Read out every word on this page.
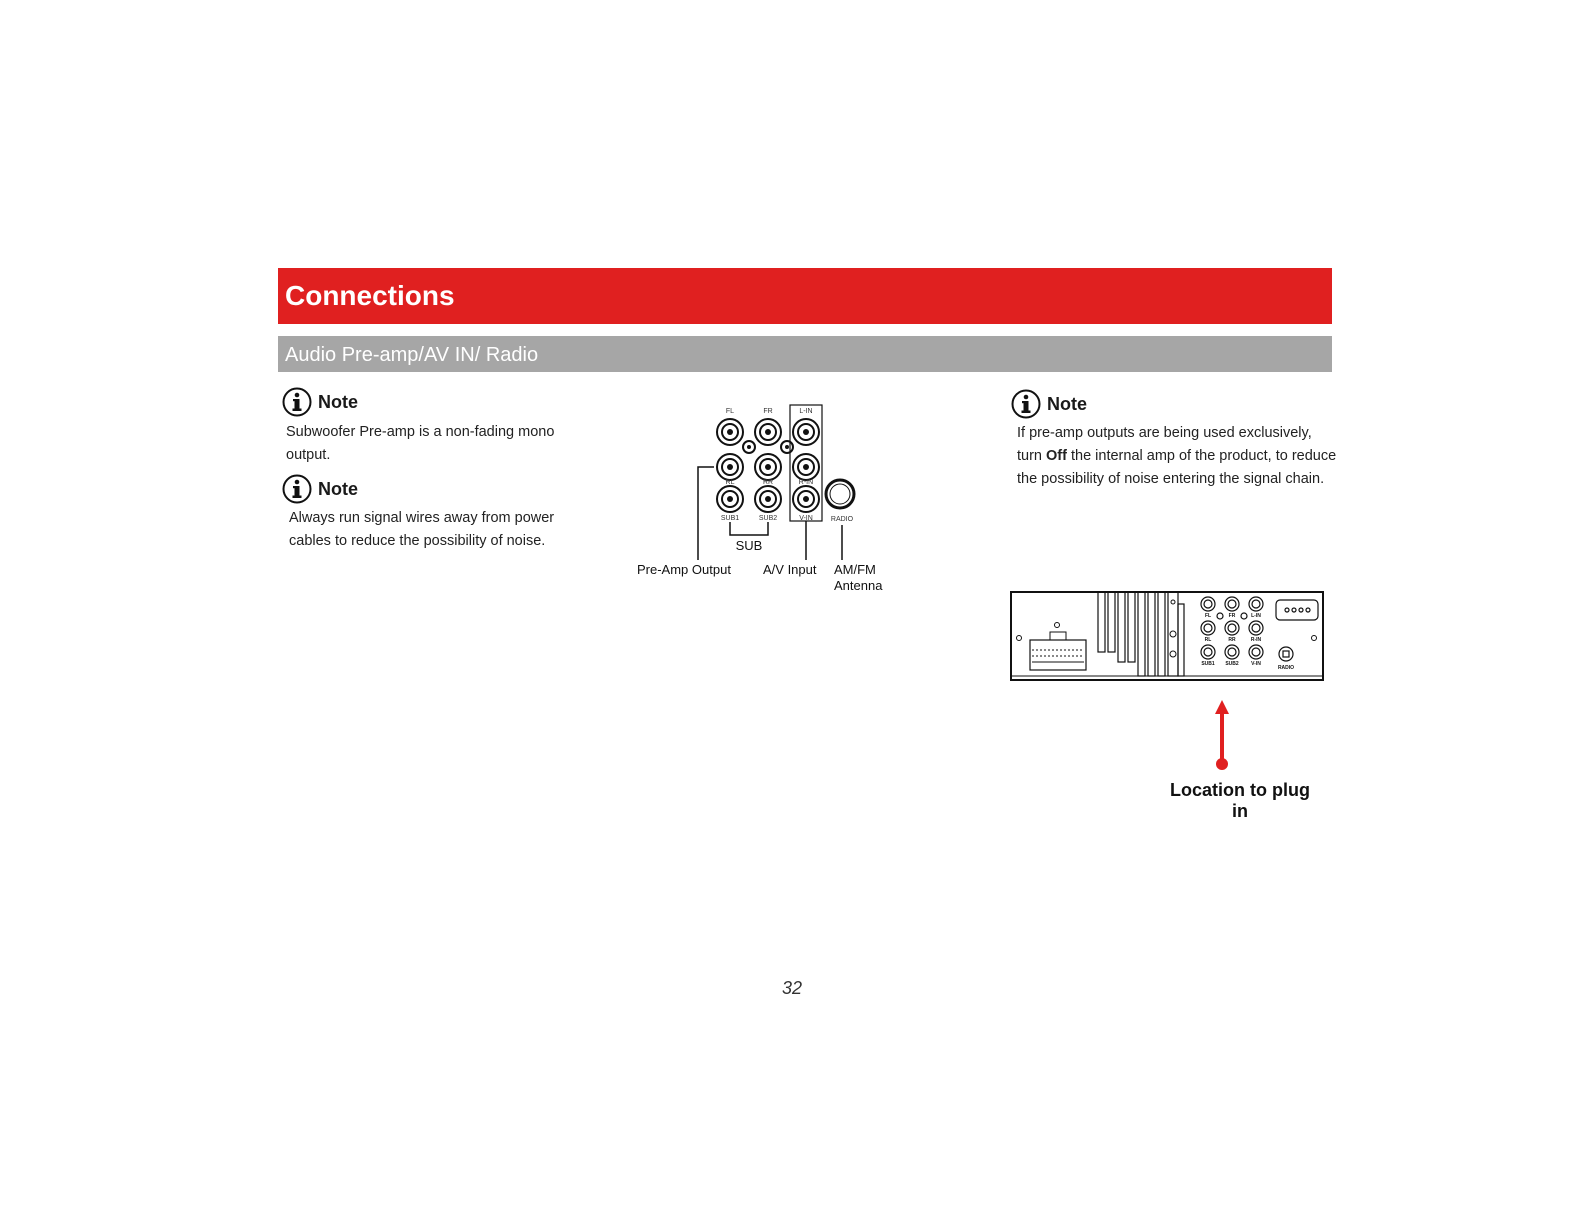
Connections
Audio Pre-amp/AV IN/ Radio
Note
Subwoofer Pre-amp is a non-fading mono output.
Note
Always run signal wires away from power cables to reduce the possibility of noise.
Note
If pre-amp outputs are being used exclusively, turn Off the internal amp of the product, to reduce the possibility of noise entering the signal chain.
FL	FR	L-IN
RL	RR	R-IN
SUB1	SUB2	V-IN	RADIO
SUB
Pre-Amp Output A/V Input AM/FM
Antenna
FL	FR	L-IN
RL	RR	R-IN
SUB1 SUB2 V-IN
RADIO
Location to plug in
32
